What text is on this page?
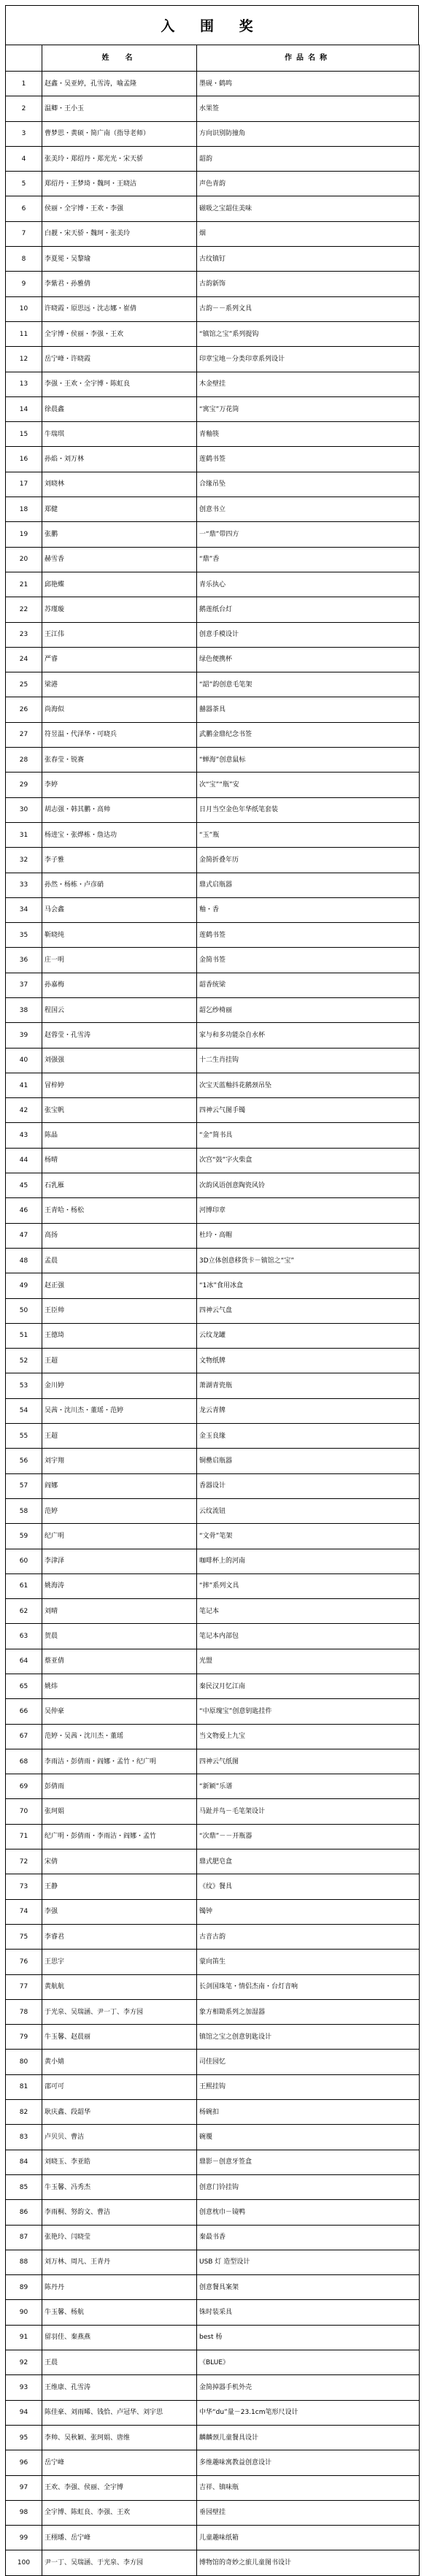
入 围 奖
	姓　名	作品名称
1	赵鑫・吴亚婷，孔雪涛，喻孟隆	墨砚・鹤鸣
2	温卿・王小玉	水果签
3	曹梦思・黄硕・简广南（指导老师）	方向识别防撞角
4	张美玲・郑绍丹・郑光光・宋天骄	韶韵
5	郑绍丹・王梦琦・魏珂・王晓洁	声色青韵
6	侯丽・全宇博・王欢・李强	磁吸之宝韶住美味
7	白靓・宋天骄・魏珂・张美玲	烟
8	李夏冕・吴黎瑜	古纹镇钉
9	李紫君・孙雅倩	古韵新饰
10	许晓霞・原思远・沈志娜・崔倩	古韵－－系列文具
11	全宇博・侯丽・李强・王欢	“镇馆之宝”系列提钩
12	岳宁峰・许晓霞	印章宝地－分类印章系列设计
13	李强・王欢・全宇博・陈虹良	木金壁挂
14	徐晨鑫	“寓宝”万花筒
15	牛瑞琪	青釉筷
16	孙焰・刘万林	莲鹤书签
17	刘晓林	合缘吊坠
18	郑健	创意书立
19	张鹏	一“鼎”带四方
20	赫雪香	“鼎”香
21	邱艳蝶	青乐执心
22	苏瑾璇	鹅莲纸台灯
23	王江伟	创意手模设计
24	严睿	绿色便携杯
25	梁港	“韶”韵创意毛笔架
26	尚海似	囍器茶具
27	符昱温・代泽华・可晓兵	武鹏金鼎纪念书签
28	张春莹・锐赛	“蝉海”创意鼠标
29	李婷	次“宝”“瓶”安
30	胡志强・韩其鹏・高帅	日月当空金色年华纸笔套装
31	杨进宝・张烨栋・詹达功	“玉”瓶
32	李子雅	金简折叠年历
33	孙然・杨栋・卢彦硝	鼎式启瓶器
34	马会鑫	釉・香
35	靳晓纯	莲鹤书签
36	庄一明	金简书签
37	孙嘉梅	韶香统梁
38	程国云	韶乞纱椅丽
39	赵蓉莹・孔雪涛	家与和多功能杂自水杯
40	刘强强	十二生肖挂钩
41	冒梓婷	次宝天蓝釉抖花鹅颈吊坠
42	张宝帆	四神云气图手镯
43	陈晶	“金”简书具
44	杨晴	次宫“鼓”字火柴盒
45	石乳雁	次韵风语创意陶瓷风铃
46	王青哈・杨松	河博印章
47	高扬	杜玲・高帽
48	孟晨	3D立体创意移货卡－镇馆之“宝”
49	赵正强	“1冰”食用冰盒
50	王臣帅	四神云气盘
51	王德琦	云纹龙罐
52	王超	文物纸牌
53	金川婷	萧湖青瓷瓶
54	吴茜・沈川杰・董瑶・范婷	龙云青牌
55	王超	金玉良缘
56	刘宇翔	铜罍启瓶器
57	阎娜	香器设计
58	范婷	云纹流钮
59	纪广明	“文骨”笔架
60	李津泽	咖啡杯上的河南
61	姚海涛	“摔”系列文具
62	刘晴	笔记本
63	贺晨	笔记本内部包
64	蔡亚倩	光盟
65	姚炜	秦民汉月忆江南
66	吴仲豪	“中原瑰宝”创意钥匙挂件
67	范婷・吴茜・沈川杰・董瑶	当文物爱上九宝
68	李雨洁・彭倩雨・阎娜・孟竹・纪广明	四神云气纸图
69	彭倩雨	“新颖”乐谱
70	张珂娟	马趾并鸟－毛笔架设计
71	纪广明・彭倩雨・李雨洁・阎娜・孟竹	“次鼎”－－开瓶器
72	宋倩	鼎式肥皂盒
73	王静	《纹》餐具
74	李强	镯钟
75	李睿君	古音古韵
76	王思宇	蒙向笛生
77	黄航航	长剑国珠笔・情侣杰南・台灯音响
78	于光泉、吴瑞涵、尹一丁、李方园	象方相勘系列之加湿器
79	牛玉馨、赵晨丽	镇馆之宝之创意钥匙设计
80	黄小婧	司佳园忆
81	邵可可	王熙挂钩
82	耿庆鑫、段韶华	杨碗扣
83	卢贝贝、曹洁	碗覆
84	刘晓玉、李亚皓	鼎影－创意牙签盒
85	牛玉馨、冯秀杰	创意门铃挂钩
86	李雨桐、努韵文、曹洁	创意枕巾－镜鸭
87	张艳玲、闫晓莹	秦最书香
88	刘万林、周凡、王青丹	USB 灯 造型设计
89	陈丹丹	创意餐具案架
90	牛玉馨、杨航	铢时装采具
91	留羽佳、秦燕燕	best 杨
92	王晨	《BLUE》
93	王维康、孔雪涛	金简掉器手机外壳
94	陈佳豪、刘雨晞、钱恰、卢冠华、刘宇思	中华“du”量－23.1cm笔形尺设计
95	李帅、吴秋颖、张珂娟、唐维	麟麟颈儿童餐具设计
96	岳宁峰	多维趣味寓教益创意设计
97	王欢、李强、侯丽、全宇博	吉祥、镇味瓶
98	全宇博、陈虹良、李强、王欢	垂园壁挂
99	王栩璠、岳宁峰	儿童趣味纸箱
100	尹一丁、吴瑞涵、于光泉、李方园	博物馆的奇妙之旅儿童图书设计
